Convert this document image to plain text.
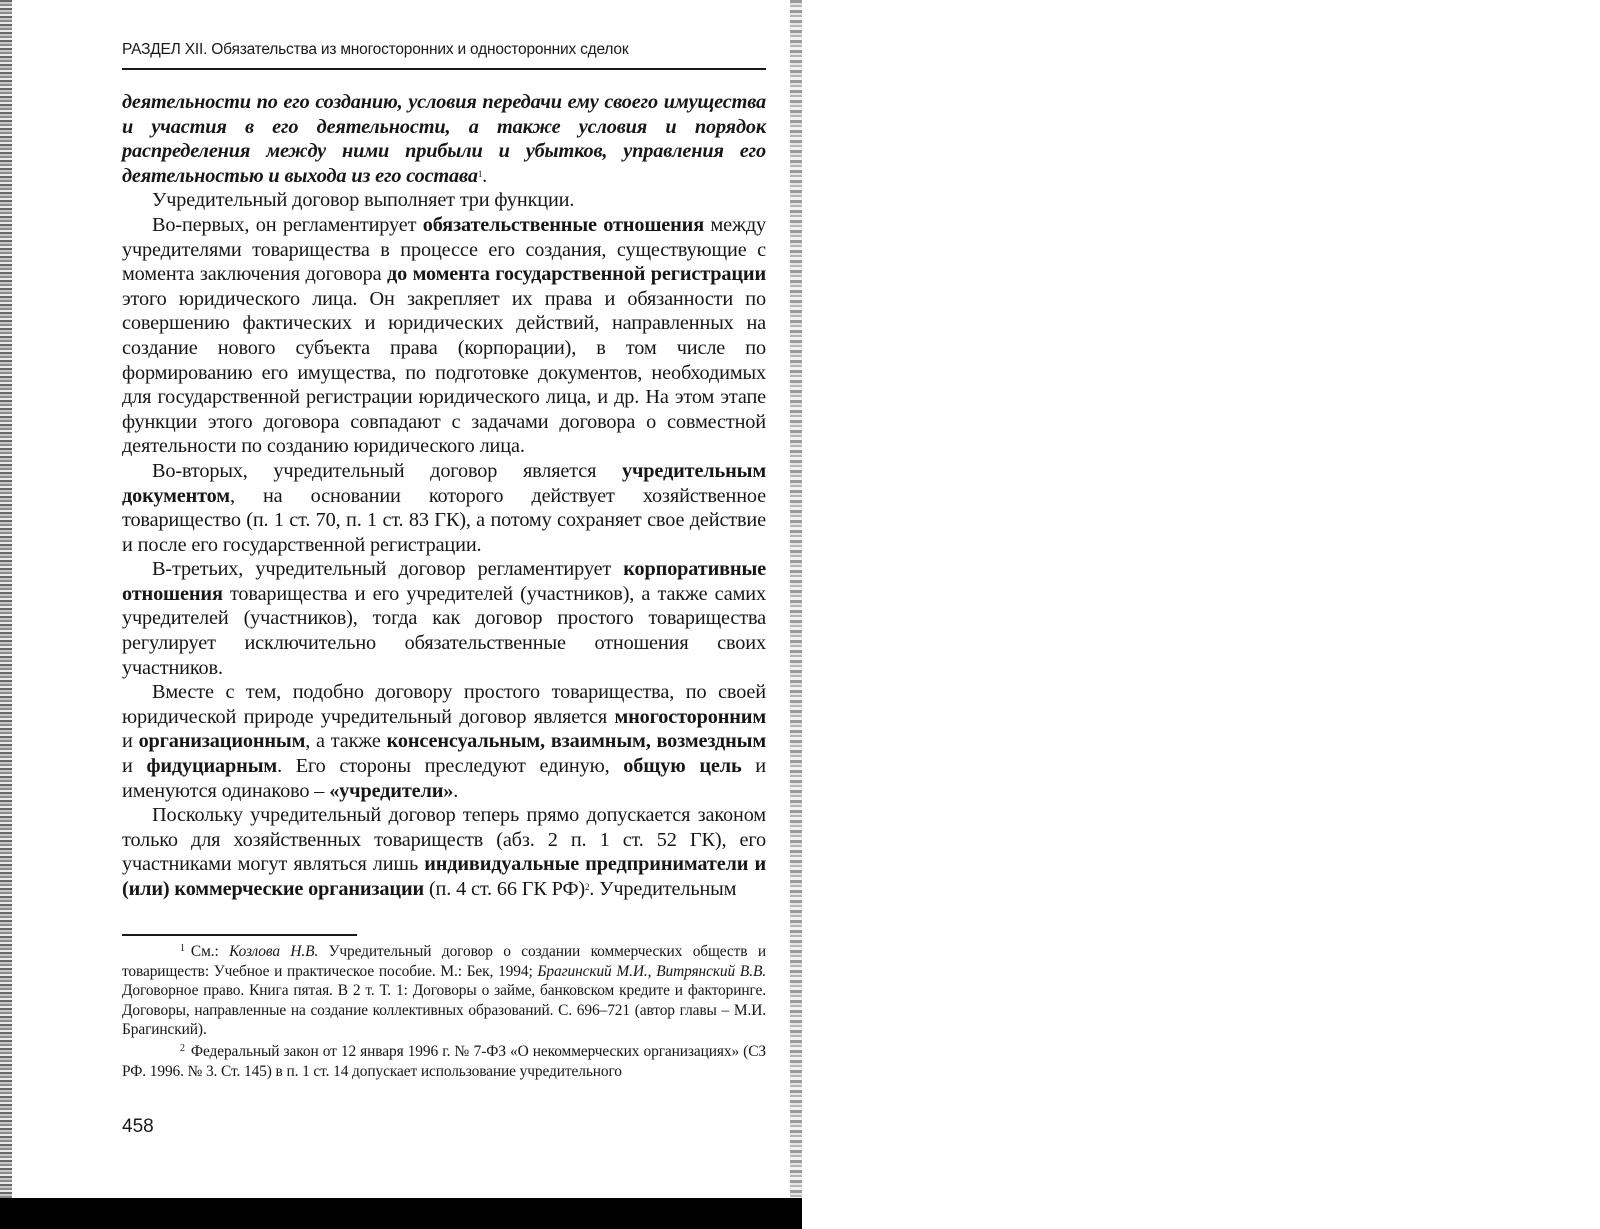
РАЗДЕЛ XII. Обязательства из многосторонних и односторонних сделок

деятельности по его созданию, условия передачи ему своего имущества и участия в его деятельности, а также условия и порядок распределения между ними прибыли и убытков, управления его деятельностью и выхода из его состава$^1$.

Учредительный договор выполняет три функции.

Во-первых, он регламентирует обязательственные отношения между учредителями товарищества в процессе его создания, существующие с момента заключения договора до момента государственной регистрации этого юридического лица. Он закрепляет их права и обязанности по совершению фактических и юридических действий, направленных на создание нового субъекта права (корпорации), в том числе по формированию его имущества, по подготовке документов, необходимых для государственной регистрации юридического лица, и др. На этом этапе функции этого договора совпадают с задачами договора о совместной деятельности по созданию юридического лица.

Во-вторых, учредительный договор является учредительным документом, на основании которого действует хозяйственное товарищество (п. 1 ст. 70, п. 1 ст. 83 ГК), а потому сохраняет свое действие и после его государственной регистрации.

В-третьих, учредительный договор регламентирует корпоративные отношения товарищества и его учредителей (участников), а также самих учредителей (участников), тогда как договор простого товарищества регулирует исключительно обязательственные отношения своих участников.

Вместе с тем, подобно договору простого товарищества, по своей юридической природе учредительный договор является многосторонним и организационным, а также консенсуальным, взаимным, возмездным и фидуциарным. Его стороны преследуют единую, общую цель и именуются одинаково – «учредители».

Поскольку учредительный договор теперь прямо допускается законом только для хозяйственных товариществ (абз. 2 п. 1 ст. 52 ГК), его участниками могут являться лишь индивидуальные предприниматели и (или) коммерческие организации (п. 4 ст. 66 ГК РФ)$^2$. Учредительным

$^1$ См.: Козлова Н.В. Учредительный договор о создании коммерческих обществ и товариществ: Учебное и практическое пособие. М.: Бек, 1994; Брагинский М.И., Витрянский В.В. Договорное право. Книга пятая. В 2 т. Т. 1: Договоры о займе, банковском кредите и факторинге. Договоры, направленные на создание коллективных образований. С. 696–721 (автор главы – М.И. Брагинский).

$^2$ Федеральный закон от 12 января 1996 г. № 7-ФЗ «О некоммерческих организациях» (СЗ РФ. 1996. № 3. Ст. 145) в п. 1 ст. 14 допускает использование учредительного

458
